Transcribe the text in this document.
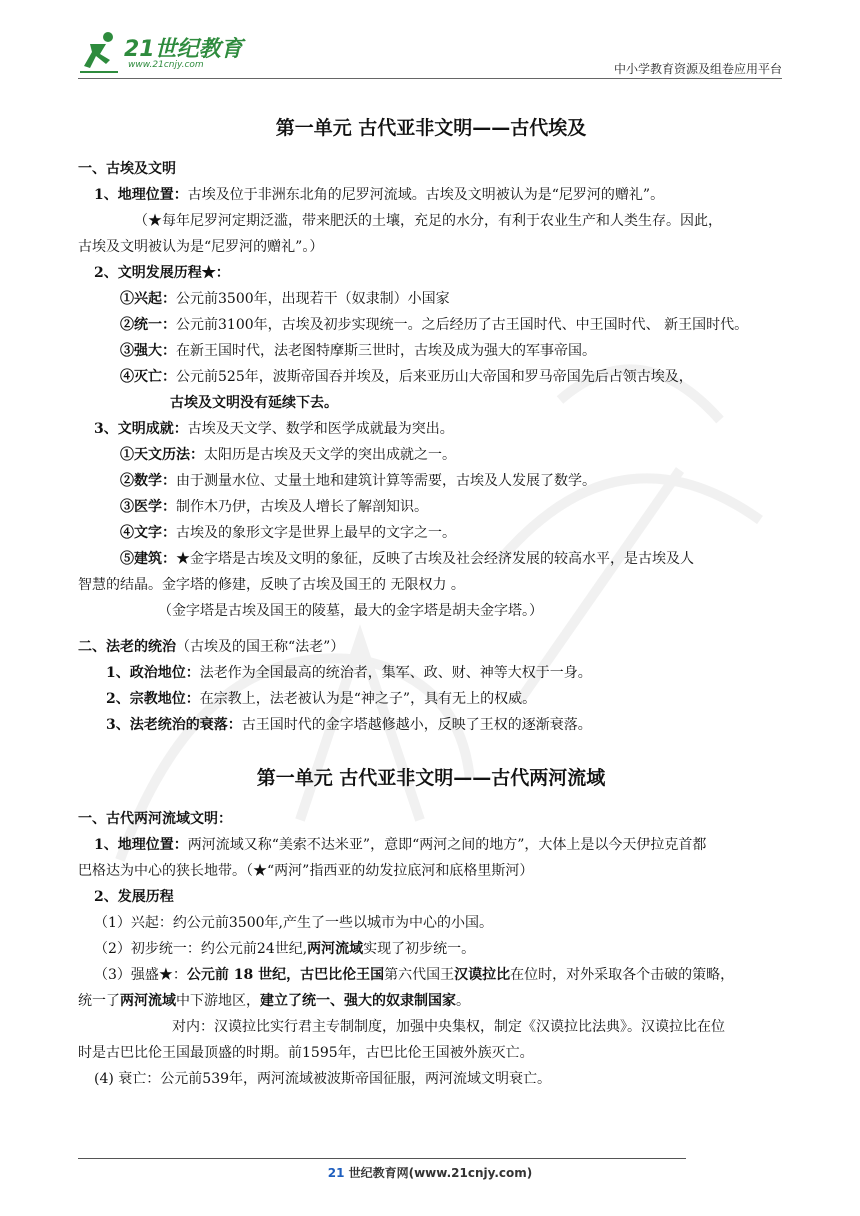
21世纪教育
www.21cnjy.com	中小学教育资源及组卷应用平台
第一单元 古代亚非文明——古代埃及
一、古埃及文明
1、地理位置：古埃及位于非洲东北角的尼罗河流域。古埃及文明被认为是“尼罗河的赠礼”。
（★每年尼罗河定期泛滥，带来肥沃的土壤，充足的水分，有利于农业生产和人类生存。因此，
古埃及文明被认为是“尼罗河的赠礼”。）
2、文明发展历程★：
①兴起：公元前3500年，出现若干（奴隶制）小国家
②统一：公元前3100年，古埃及初步实现统一。之后经历了古王国时代、中王国时代、 新王国时代。
③强大：在新王国时代，法老图特摩斯三世时，古埃及成为强大的军事帝国。
④灭亡：公元前525年，波斯帝国吞并埃及，后来亚历山大帝国和罗马帝国先后占领古埃及，
古埃及文明没有延续下去。
3、文明成就：古埃及天文学、数学和医学成就最为突出。
①天文历法：太阳历是古埃及天文学的突出成就之一。
②数学：由于测量水位、丈量土地和建筑计算等需要，古埃及人发展了数学。
③医学：制作木乃伊，古埃及人增长了解剖知识。
④文字：古埃及的象形文字是世界上最早的文字之一。
⑤建筑：★金字塔是古埃及文明的象征，反映了古埃及社会经济发展的较高水平，是古埃及人
智慧的结晶。金字塔的修建，反映了古埃及国王的 无限权力 。
（金字塔是古埃及国王的陵墓，最大的金字塔是胡夫金字塔。）
二、法老的统治（古埃及的国王称“法老”）
1、政治地位：法老作为全国最高的统治者，集军、政、财、神等大权于一身。
2、宗教地位：在宗教上，法老被认为是“神之子”，具有无上的权威。
3、法老统治的衰落：古王国时代的金字塔越修越小，反映了王权的逐渐衰落。
第一单元 古代亚非文明——古代两河流域
一、古代两河流域文明：
1、地理位置：两河流域又称“美索不达米亚”，意即“两河之间的地方”，大体上是以今天伊拉克首都
巴格达为中心的狭长地带。（★“两河”指西亚的幼发拉底河和底格里斯河）
2、发展历程
（1）兴起：约公元前3500年,产生了一些以城市为中心的小国。
（2）初步统一：约公元前24世纪,两河流域实现了初步统一。
（3）强盛★：公元前 18 世纪，古巴比伦王国第六代国王汉谟拉比在位时，对外采取各个击破的策略，
统一了两河流域中下游地区，建立了统一、强大的奴隶制国家。
对内：汉谟拉比实行君主专制制度，加强中央集权，制定《汉谟拉比法典》。汉谟拉比在位
时是古巴比伦王国最顶盛的时期。前1595年，古巴比伦王国被外族灭亡。
(4) 衰亡：公元前539年，两河流域被波斯帝国征服，两河流域文明衰亡。
21 世纪教育网(www.21cnjy.com)
